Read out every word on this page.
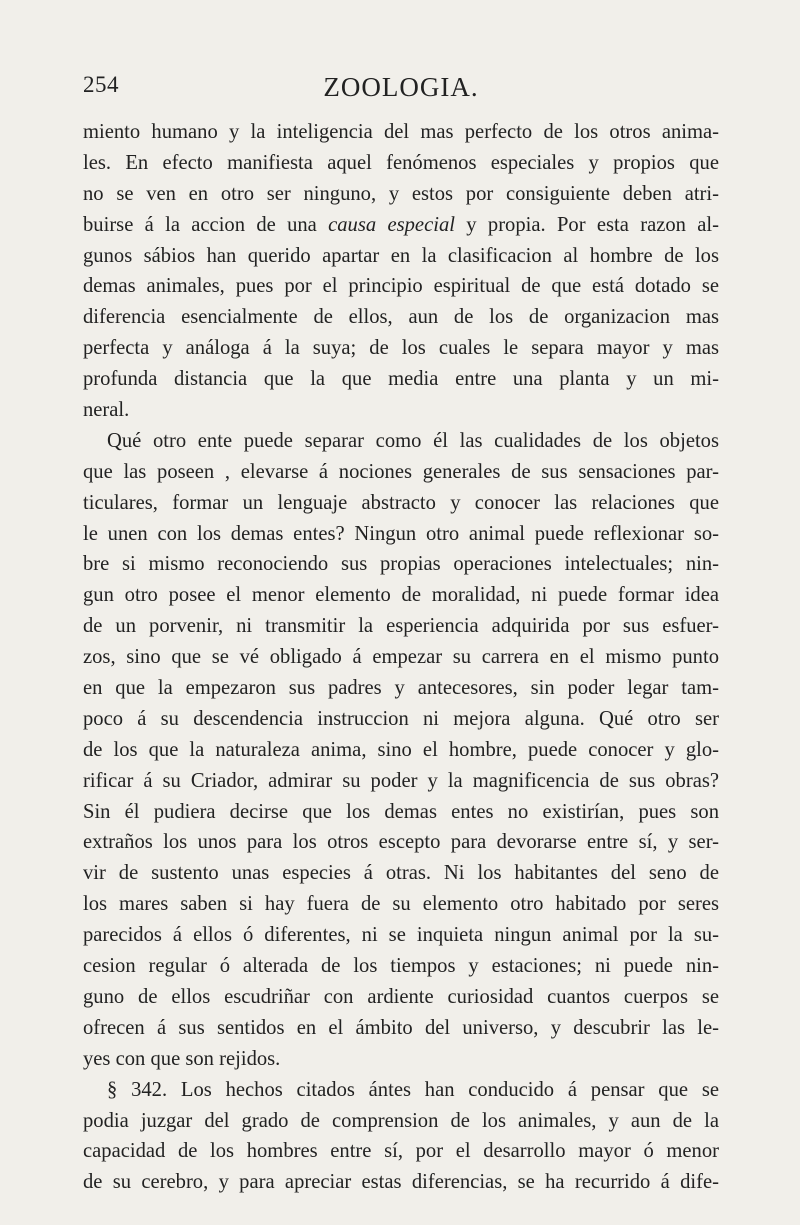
254	ZOOLOGIA.
miento humano y la inteligencia del mas perfecto de los otros anima-
les. En efecto manifiesta aquel fenómenos especiales y propios que
no se ven en otro ser ninguno, y estos por consiguiente deben atri-
buirse á la accion de una causa especial y propia. Por esta razon al-
gunos sábios han querido apartar en la clasificacion al hombre de los
demas animales, pues por el principio espiritual de que está dotado se
diferencia esencialmente de ellos, aun de los de organizacion mas
perfecta y análoga á la suya; de los cuales le separa mayor y mas
profunda distancia que la que media entre una planta y un mi-
neral.
Qué otro ente puede separar como él las cualidades de los objetos
que las poseen , elevarse á nociones generales de sus sensaciones par-
ticulares, formar un lenguaje abstracto y conocer las relaciones que
le unen con los demas entes? Ningun otro animal puede reflexionar so-
bre si mismo reconociendo sus propias operaciones intelectuales; nin-
gun otro posee el menor elemento de moralidad, ni puede formar idea
de un porvenir, ni transmitir la esperiencia adquirida por sus esfuer-
zos, sino que se vé obligado á empezar su carrera en el mismo punto
en que la empezaron sus padres y antecesores, sin poder legar tam-
poco á su descendencia instruccion ni mejora alguna. Qué otro ser
de los que la naturaleza anima, sino el hombre, puede conocer y glo-
rificar á su Criador, admirar su poder y la magnificencia de sus obras?
Sin él pudiera decirse que los demas entes no existirían, pues son
extraños los unos para los otros escepto para devorarse entre sí, y ser-
vir de sustento unas especies á otras. Ni los habitantes del seno de
los mares saben si hay fuera de su elemento otro habitado por seres
parecidos á ellos ó diferentes, ni se inquieta ningun animal por la su-
cesion regular ó alterada de los tiempos y estaciones; ni puede nin-
guno de ellos escudriñar con ardiente curiosidad cuantos cuerpos se
ofrecen á sus sentidos en el ámbito del universo, y descubrir las le-
yes con que son rejidos.
§ 342. Los hechos citados ántes han conducido á pensar que se
podia juzgar del grado de comprension de los animales, y aun de la
capacidad de los hombres entre sí, por el desarrollo mayor ó menor
de su cerebro, y para apreciar estas diferencias, se ha recurrido á dife-
